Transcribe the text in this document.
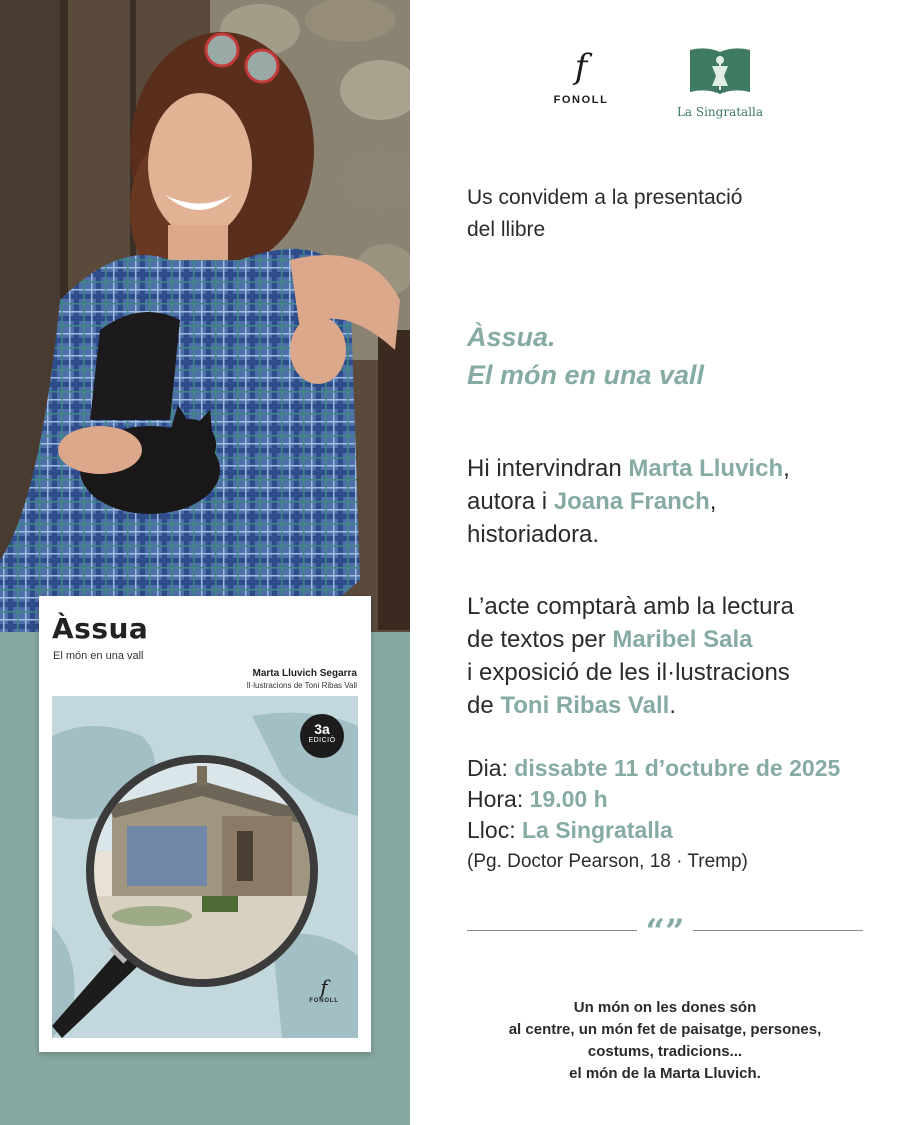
Àssua
El món en una vall
Marta Lluvich Segarra
Il·lustracions de Toni Ribas Vall
3a
EDICIÓ
f
FONOLL
f
FONOLL
La Singratalla
Us convidem a la presentació
del llibre
Àssua.
El món en una vall
Hi intervindran Marta Lluvich,
autora i Joana Franch,
historiadora.
L’acte comptarà amb la lectura
de textos per Maribel Sala
i exposició de les il·lustracions
de Toni Ribas Vall.
Dia: dissabte 11 d’octubre de 2025
Hora: 19.00 h
Lloc: La Singratalla
(Pg. Doctor Pearson, 18 · Tremp)
“”
Un món on les dones són
al centre, un món fet de paisatge, persones,
costums, tradicions...
el món de la Marta Lluvich.
